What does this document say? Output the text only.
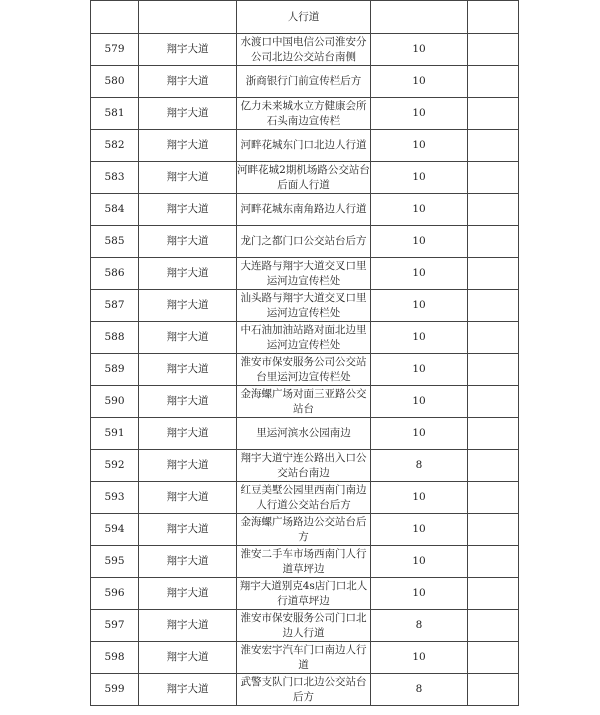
		人行道		
579	翔宇大道	水渡口中国电信公司淮安分公司北边公交站台南侧	10	
580	翔宇大道	浙商银行门前宣传栏后方	10	
581	翔宇大道	亿力未来城水立方健康会所石头南边宣传栏	10	
582	翔宇大道	河畔花城东门口北边人行道	10	
583	翔宇大道	河畔花城2期机场路公交站台后面人行道	10	
584	翔宇大道	河畔花城东南角路边人行道	10	
585	翔宇大道	龙门之都门口公交站台后方	10	
586	翔宇大道	大连路与翔宇大道交叉口里运河边宣传栏处	10	
587	翔宇大道	汕头路与翔宇大道交叉口里运河边宣传栏处	10	
588	翔宇大道	中石油加油站路对面北边里运河边宣传栏处	10	
589	翔宇大道	淮安市保安服务公司公交站台里运河边宣传栏处	10	
590	翔宇大道	金海螺广场对面三亚路公交站台	10	
591	翔宇大道	里运河滨水公园南边	10	
592	翔宇大道	翔宇大道宁连公路出入口公交站台南边	8	
593	翔宇大道	红豆美墅公园里西南门南边人行道公交站台后方	10	
594	翔宇大道	金海螺广场路边公交站台后方	10	
595	翔宇大道	淮安二手车市场西南门人行道草坪边	10	
596	翔宇大道	翔宇大道别克4s店门口北人行道草坪边	10	
597	翔宇大道	淮安市保安服务公司门口北边人行道	8	
598	翔宇大道	淮安宏宇汽车门口南边人行道	10	
599	翔宇大道	武警支队门口北边公交站台后方	8	
